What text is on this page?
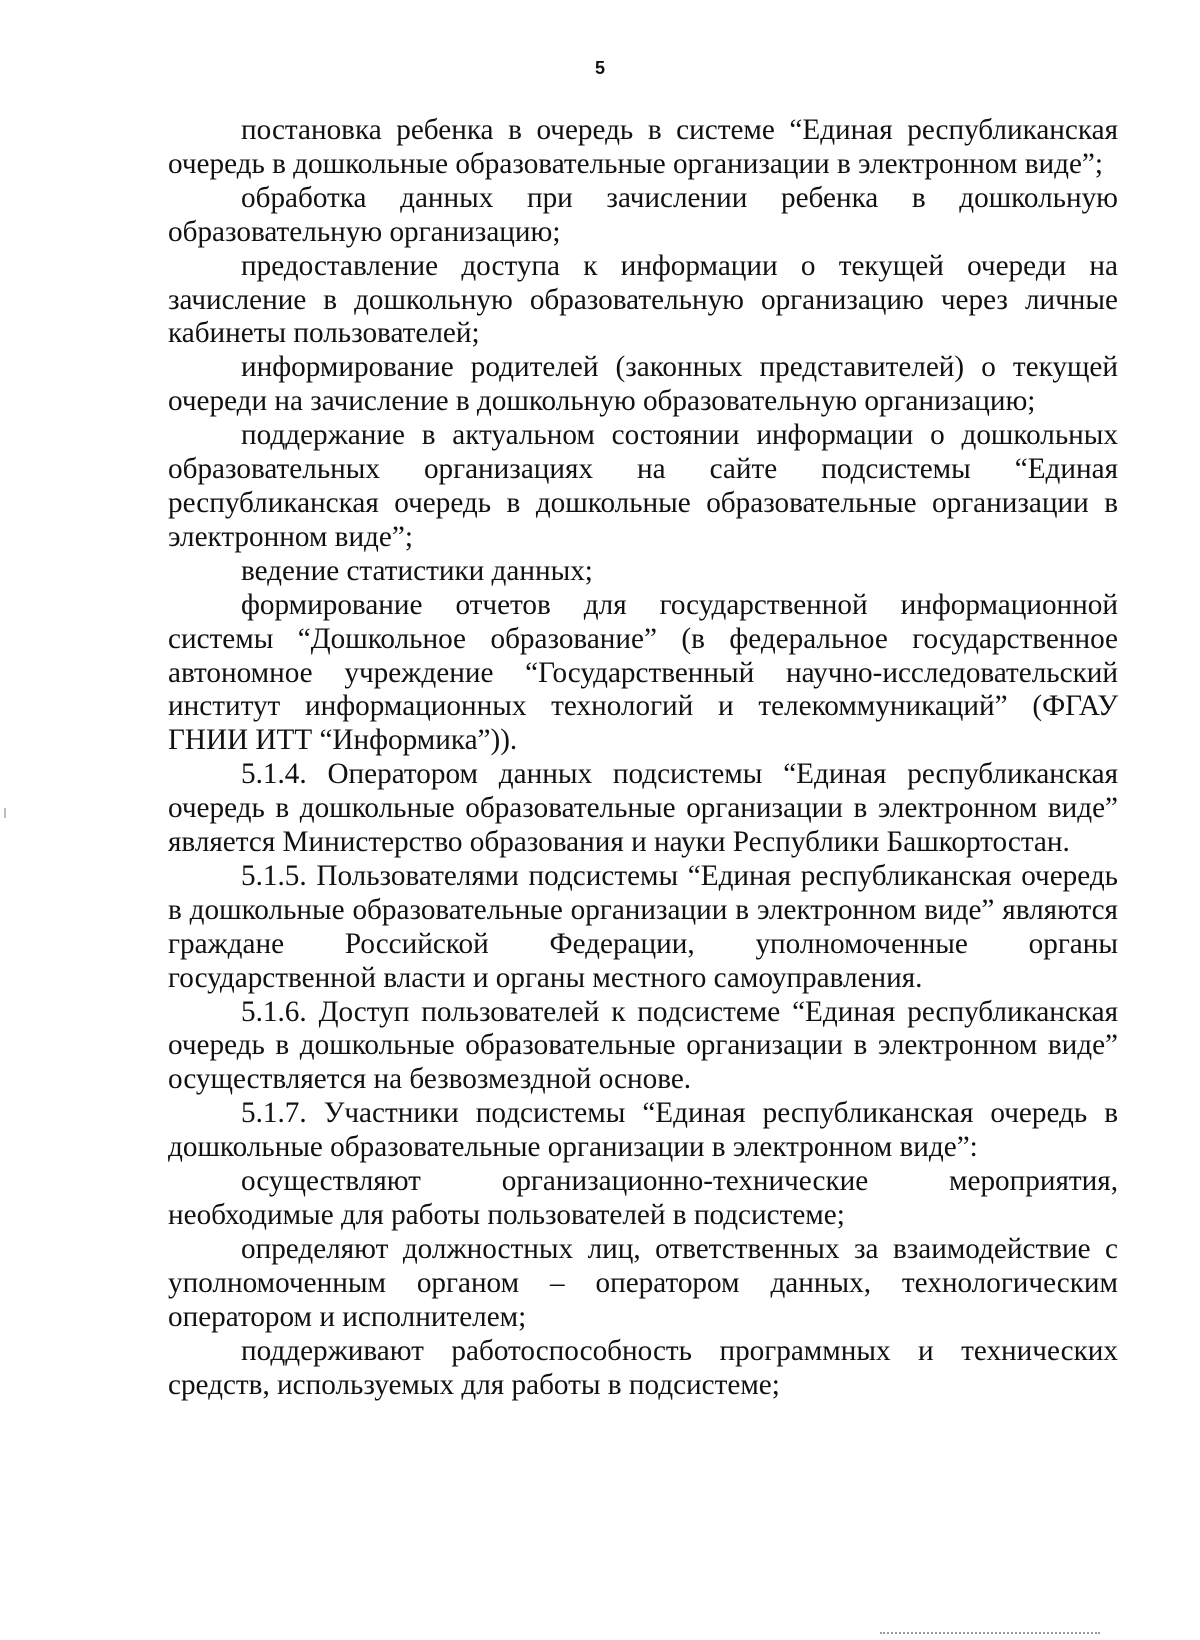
5

постановка ребенка в очередь в системе “Единая республиканская очередь в дошкольные образовательные организации в электронном виде”;

обработка данных при зачислении ребенка в дошкольную образовательную организацию;

предоставление доступа к информации о текущей очереди на зачисление в дошкольную образовательную организацию через личные кабинеты пользователей;

информирование родителей (законных представителей) о текущей очереди на зачисление в дошкольную образовательную организацию;

поддержание в актуальном состоянии информации о дошкольных образовательных организациях на сайте подсистемы “Единая республиканская очередь в дошкольные образовательные организации в электронном виде”;

ведение статистики данных;

формирование отчетов для государственной информационной системы “Дошкольное образование” (в федеральное государственное автономное учреждение “Государственный научно-исследовательский институт информационных технологий и телекоммуникаций” (ФГАУ ГНИИ ИТТ “Информика”)).

5.1.4. Оператором данных подсистемы “Единая республиканская очередь в дошкольные образовательные организации в электронном виде” является Министерство образования и науки Республики Башкортостан.

5.1.5. Пользователями подсистемы “Единая республиканская очередь в дошкольные образовательные организации в электронном виде” являются граждане Российской Федерации, уполномоченные органы государственной власти и органы местного самоуправления.

5.1.6. Доступ пользователей к подсистеме “Единая республиканская очередь в дошкольные образовательные организации в электронном виде” осуществляется на безвозмездной основе.

5.1.7. Участники подсистемы “Единая республиканская очередь в дошкольные образовательные организации в электронном виде”:

осуществляют организационно-технические мероприятия, необходимые для работы пользователей в подсистеме;

определяют должностных лиц, ответственных за взаимодействие с уполномоченным органом – оператором данных, технологическим оператором и исполнителем;

поддерживают работоспособность программных и технических средств, используемых для работы в подсистеме;
